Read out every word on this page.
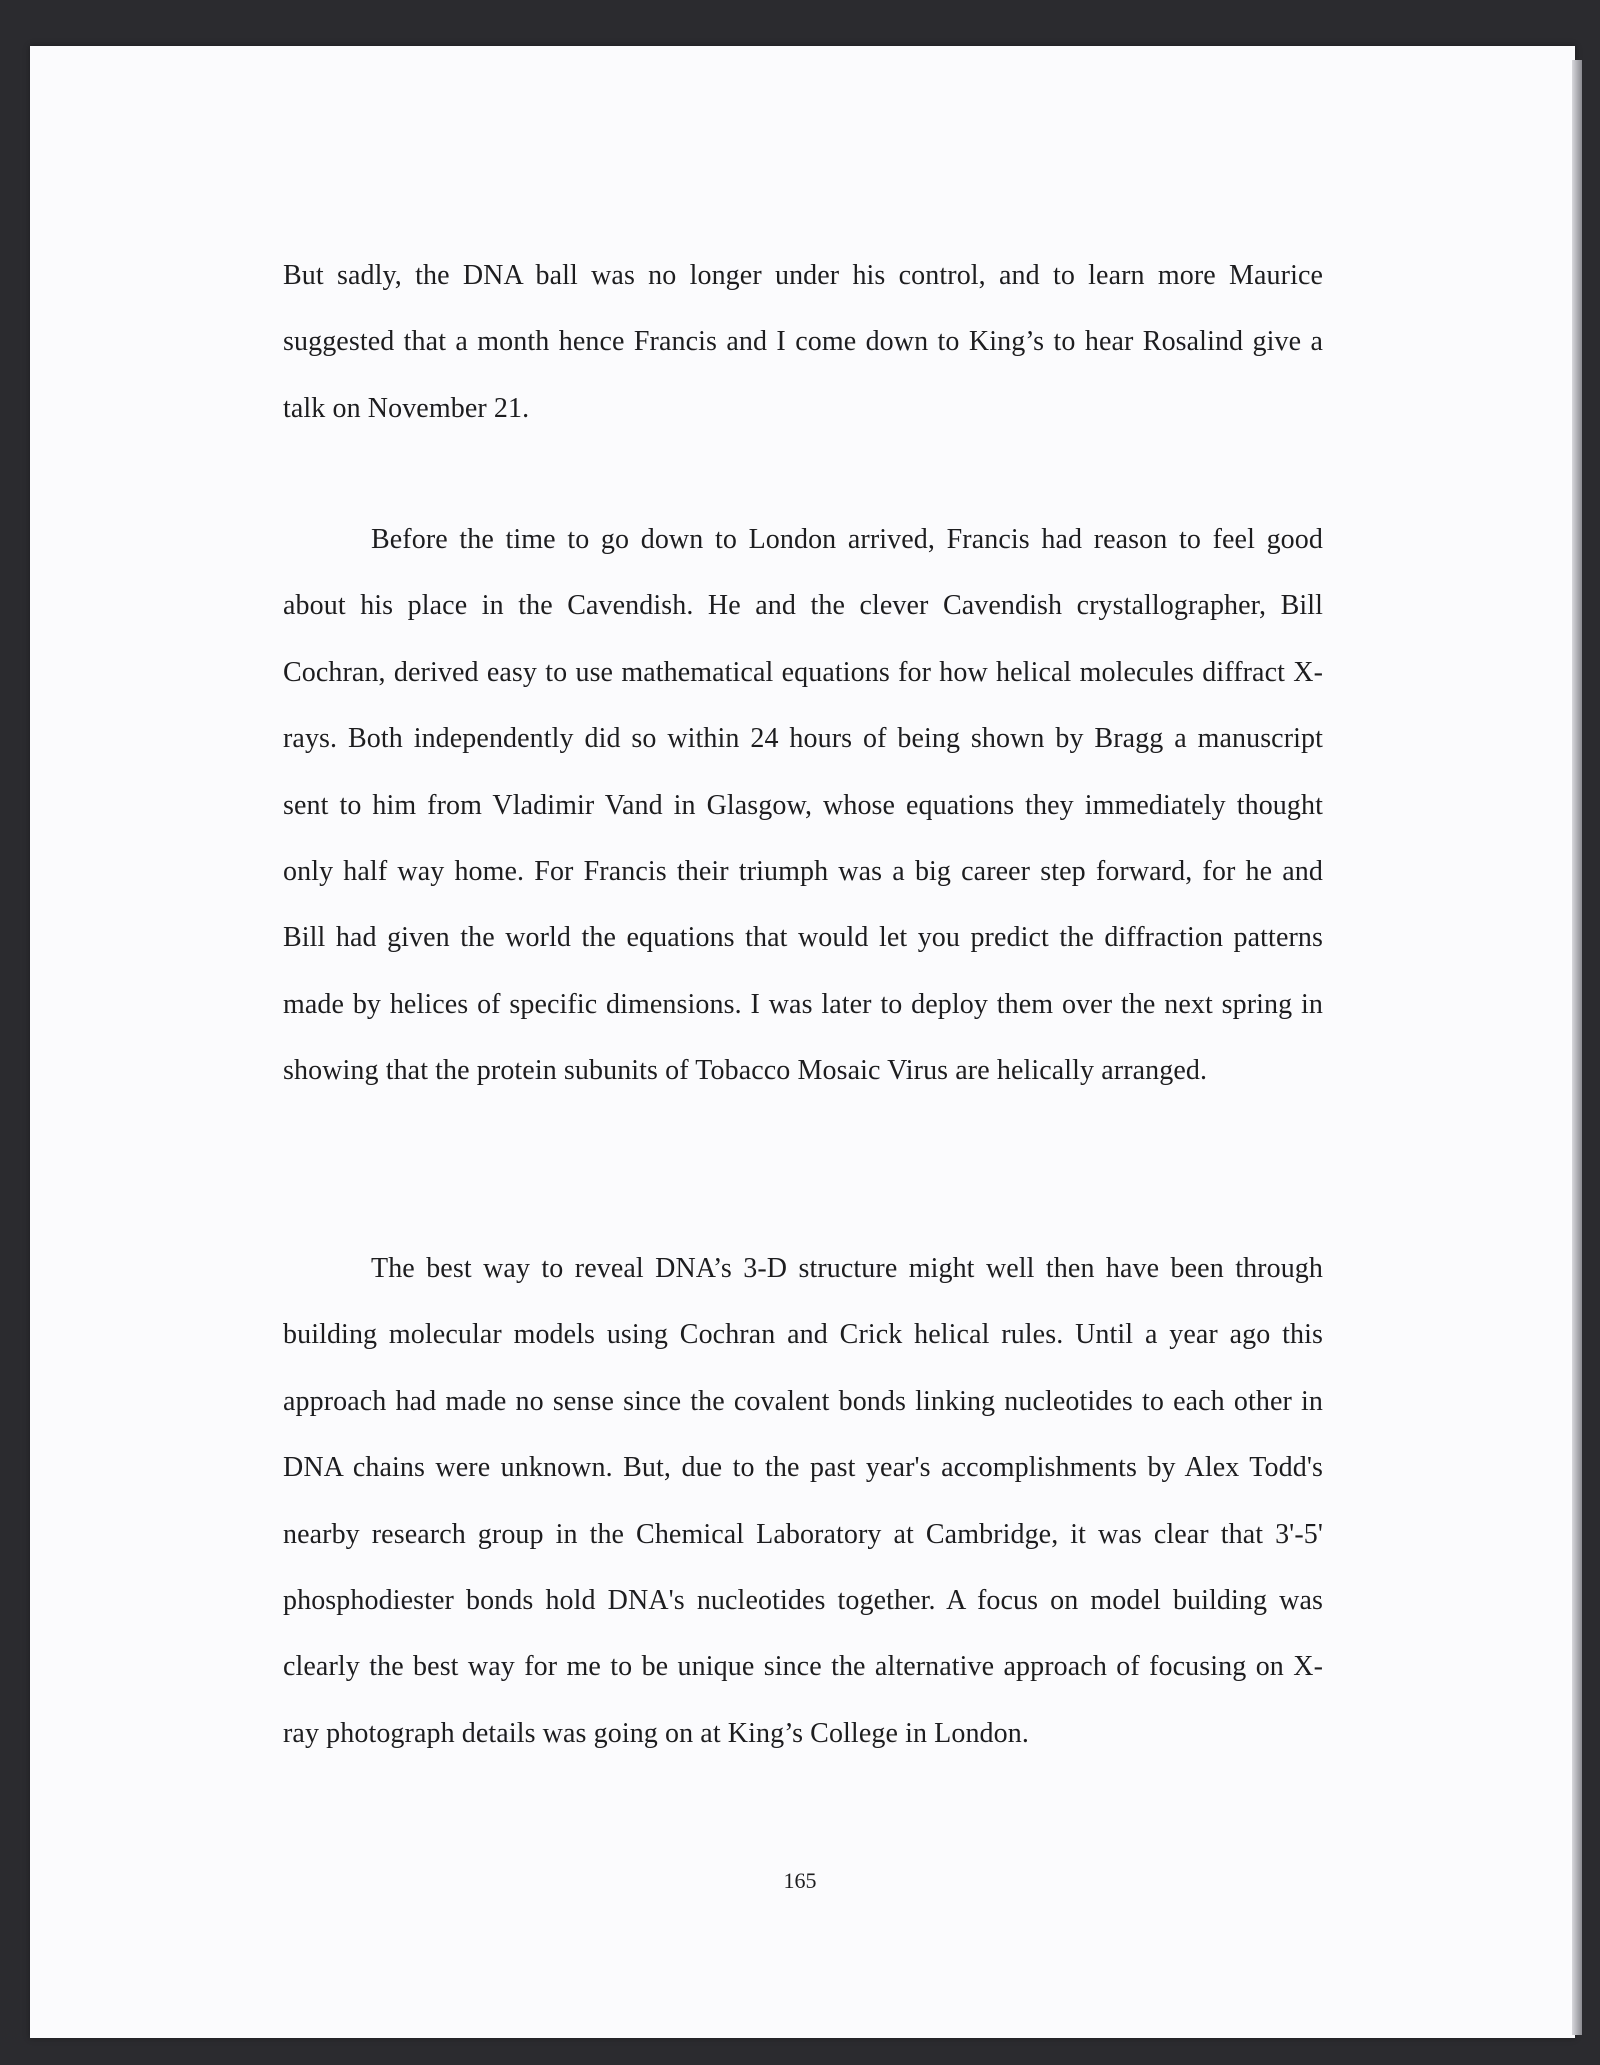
But sadly, the DNA ball was no longer under his control, and to learn more Maurice suggested that a month hence Francis and I come down to King’s to hear Rosalind give a talk on November 21.

Before the time to go down to London arrived, Francis had reason to feel good about his place in the Cavendish. He and the clever Cavendish crystallographer, Bill Cochran, derived easy to use mathematical equations for how helical molecules diffract X-rays. Both independently did so within 24 hours of being shown by Bragg a manuscript sent to him from Vladimir Vand in Glasgow, whose equations they immediately thought only half way home. For Francis their triumph was a big career step forward, for he and Bill had given the world the equations that would let you predict the diffraction patterns made by helices of specific dimensions. I was later to deploy them over the next spring in showing that the protein subunits of Tobacco Mosaic Virus are helically arranged.

The best way to reveal DNA’s 3-D structure might well then have been through building molecular models using Cochran and Crick helical rules. Until a year ago this approach had made no sense since the covalent bonds linking nucleotides to each other in DNA chains were unknown. But, due to the past year's accomplishments by Alex Todd's nearby research group in the Chemical Laboratory at Cambridge, it was clear that 3'-5' phosphodiester bonds hold DNA's nucleotides together. A focus on model building was clearly the best way for me to be unique since the alternative approach of focusing on X-ray photograph details was going on at King’s College in London.

165
